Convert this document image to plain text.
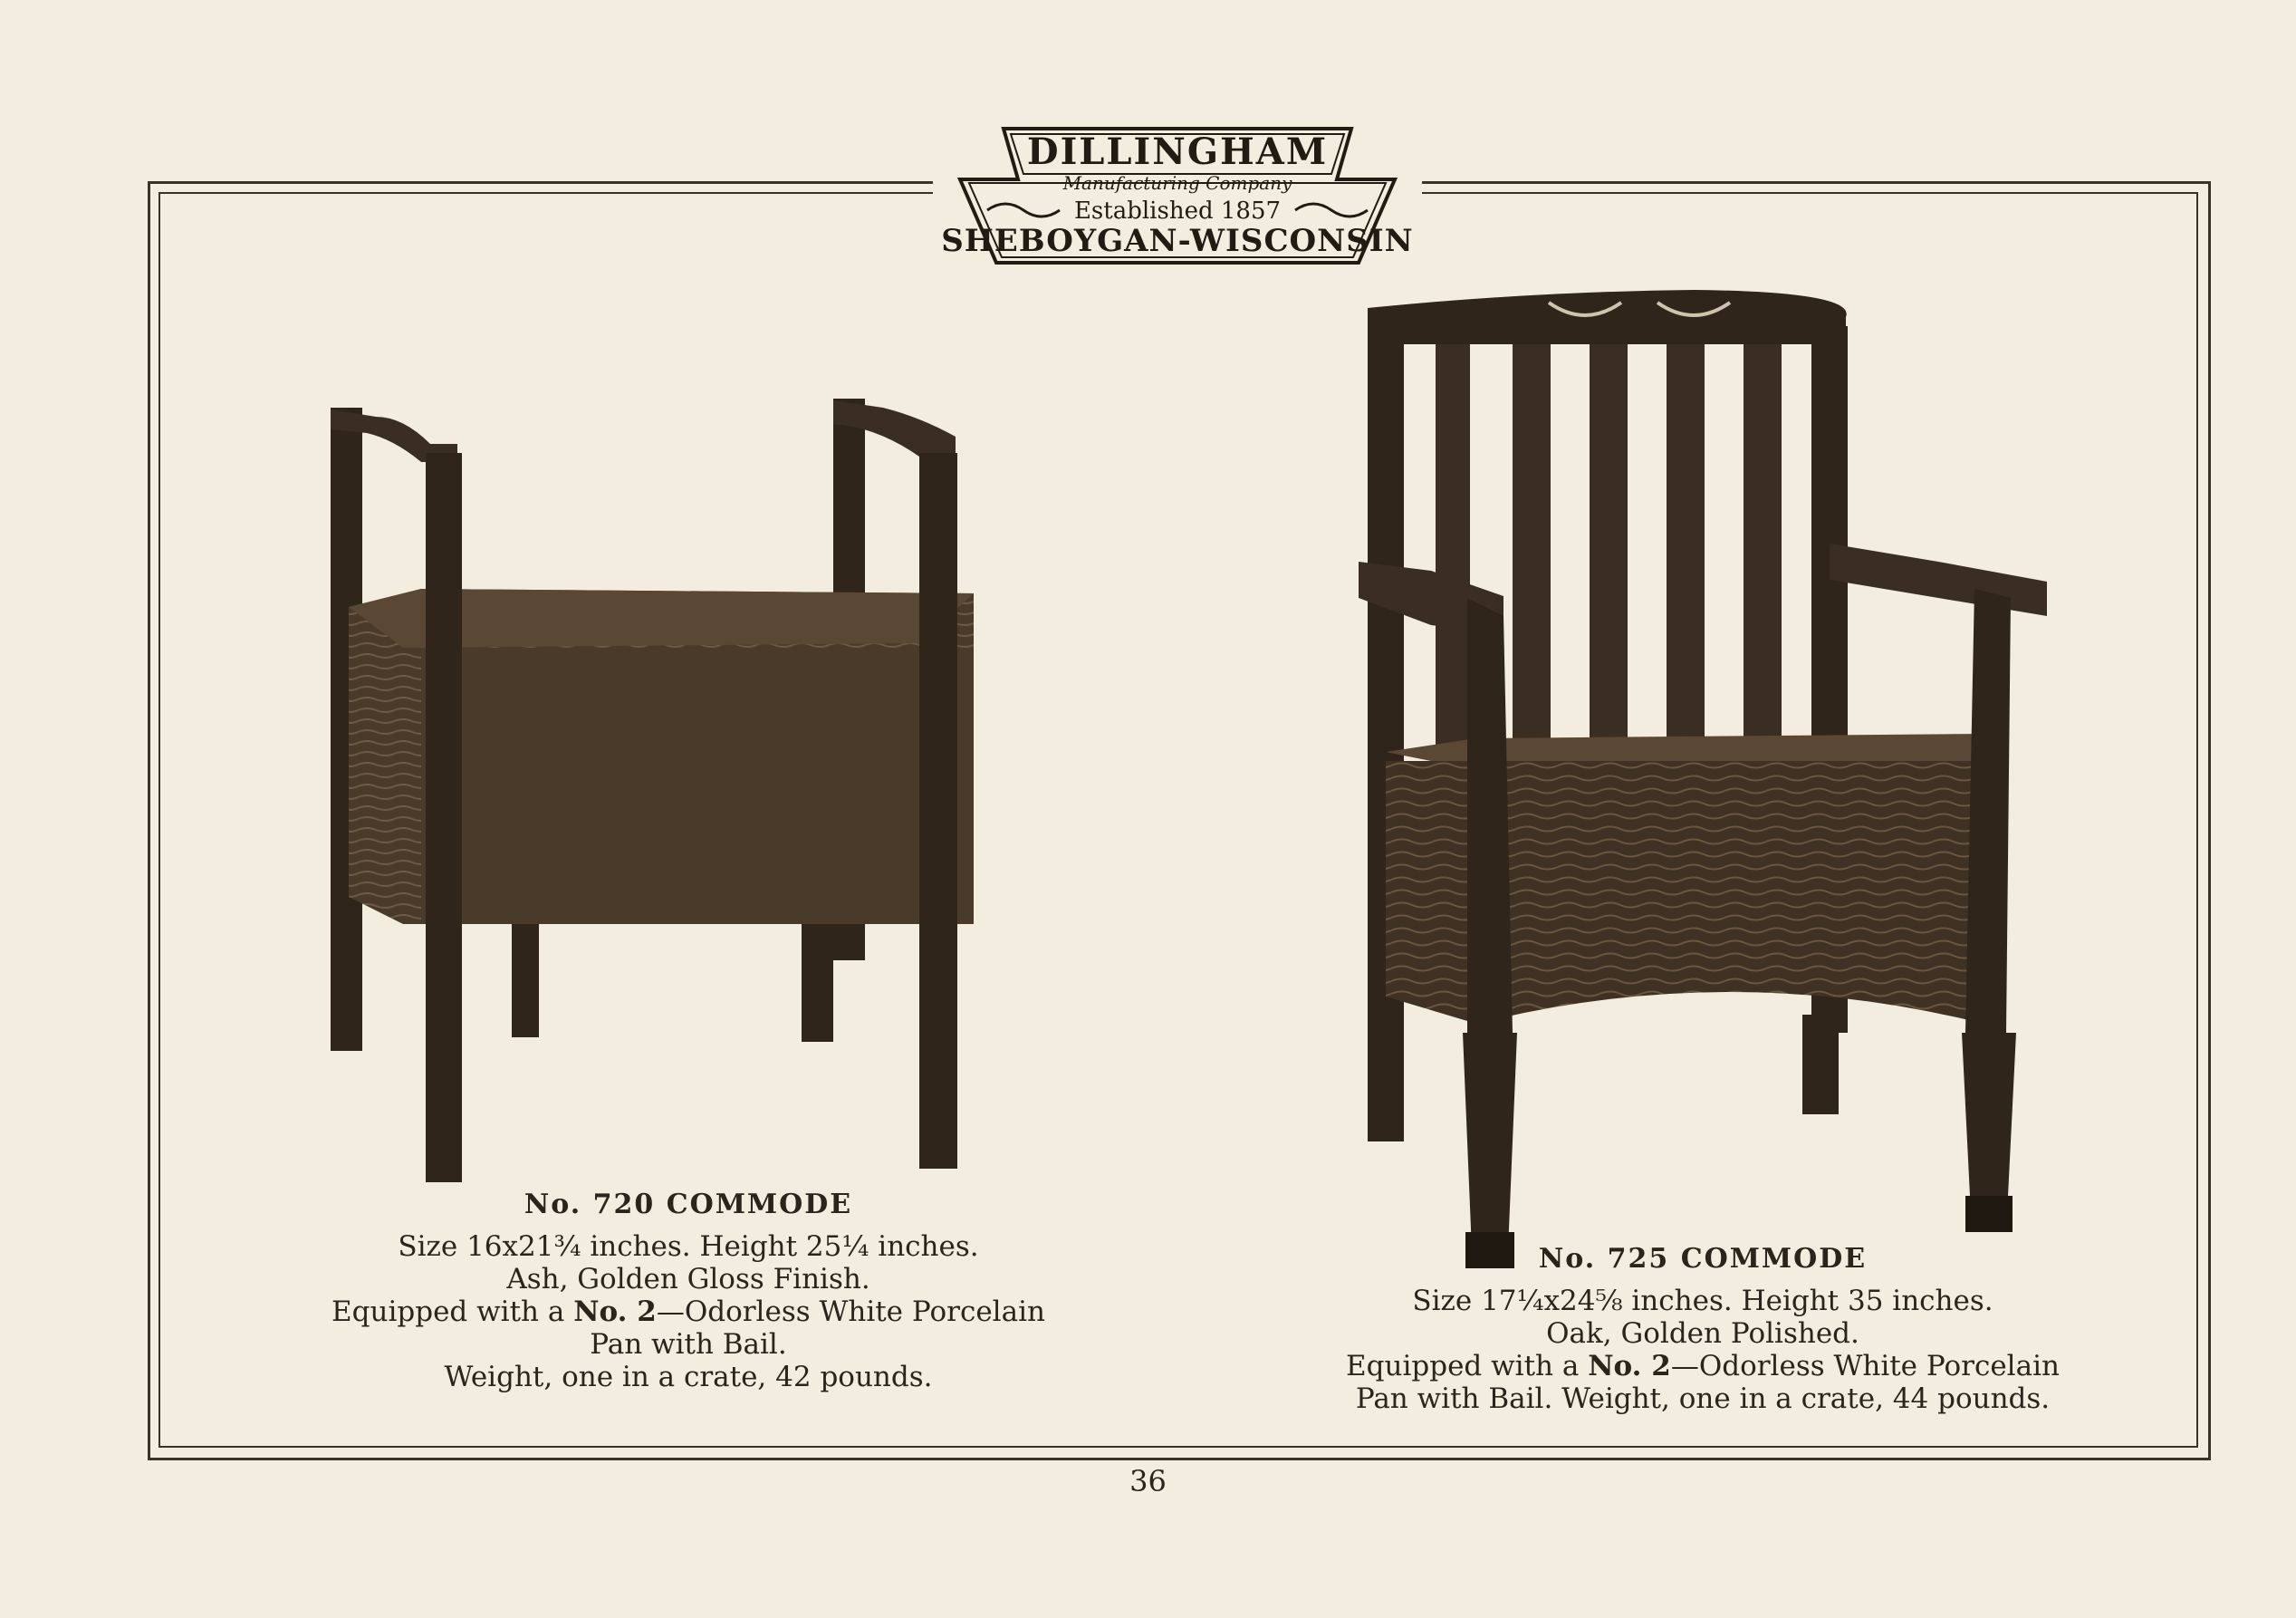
DILLINGHAM
Manufacturing Company
Established 1857
SHEBOYGAN-WISCONSIN
No. 720 COMMODE
Size 16x21¾ inches. Height 25¼ inches.
Ash, Golden Gloss Finish.
Equipped with a No. 2—Odorless White Porcelain
Pan with Bail.
Weight, one in a crate, 42 pounds.
No. 725 COMMODE
Size 17¼x24⅝ inches. Height 35 inches.
Oak, Golden Polished.
Equipped with a No. 2—Odorless White Porcelain
Pan with Bail. Weight, one in a crate, 44 pounds.
36
